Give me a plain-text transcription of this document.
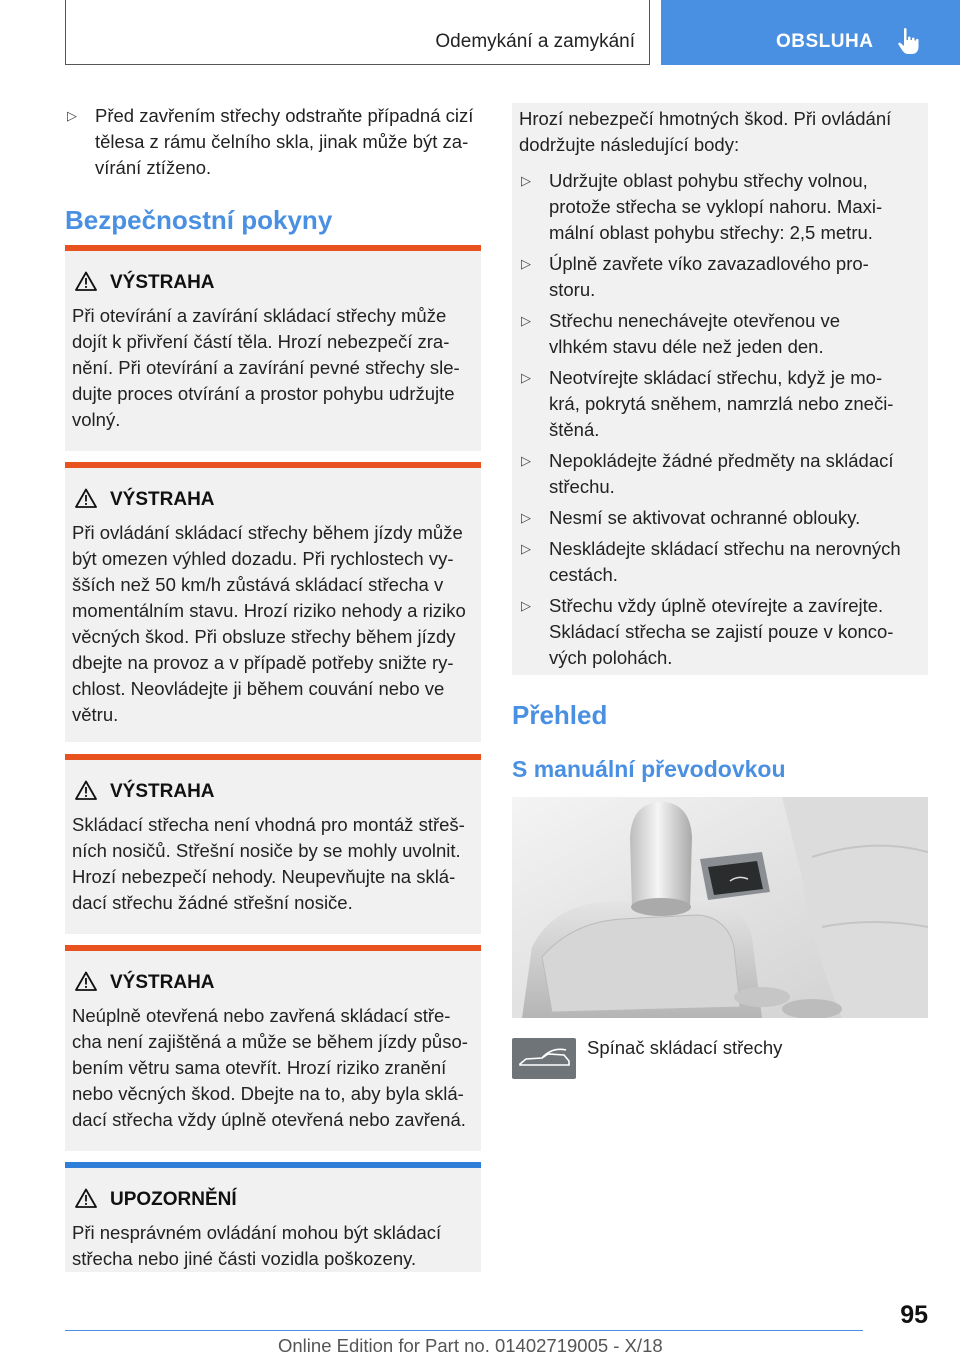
Odemykání a zamykání	OBSLUHA
▷ Před zavřením střechy odstraňte případná cizí tělesa z rámu čelního skla, jinak může být za-vírání ztíženo.
Bezpečnostní pokyny
VÝSTRAHA
Při otevírání a zavírání skládací střechy může
dojít k přivření částí těla. Hrozí nebezpečí zra-
nění. Při otevírání a zavírání pevné střechy sle-
dujte proces otvírání a prostor pohybu udržujte
volný.
VÝSTRAHA
Při ovládání skládací střechy během jízdy může
být omezen výhled dozadu. Při rychlostech vy-
šších než 50 km/h zůstává skládací střecha v
momentálním stavu. Hrozí riziko nehody a riziko
věcných škod. Při obsluze střechy během jízdy
dbejte na provoz a v případě potřeby snižte ry-
chlost. Neovládejte ji během couvání nebo ve
větru.
VÝSTRAHA
Skládací střecha není vhodná pro montáž střeš-
ních nosičů. Střešní nosiče by se mohly uvolnit.
Hrozí nebezpečí nehody. Neupevňujte na sklá-
dací střechu žádné střešní nosiče.
VÝSTRAHA
Neúplně otevřená nebo zavřená skládací stře-
cha není zajištěná a může se během jízdy půso-
bením větru sama otevřít. Hrozí riziko zranění
nebo věcných škod. Dbejte na to, aby byla sklá-
dací střecha vždy úplně otevřená nebo zavřená.
UPOZORNĚNÍ
Při nesprávném ovládání mohou být skládací
střecha nebo jiné části vozidla poškozeny.
Hrozí nebezpečí hmotných škod. Při ovládání
dodržujte následující body:
▷ Udržujte oblast pohybu střechy volnou,
protože střecha se vyklopí nahoru. Maxi-
mální oblast pohybu střechy: 2,5 metru.
▷ Úplně zavřete víko zavazadlového pro-
storu.
▷ Střechu nenechávejte otevřenou ve
vlhkém stavu déle než jeden den.
▷ Neotvírejte skládací střechu, když je mo-
krá, pokrytá sněhem, namrzlá nebo zneči-
štěná.
▷ Nepokládejte žádné předměty na skládací
střechu.
▷ Nesmí se aktivovat ochranné oblouky.
▷ Neskládejte skládací střechu na nerovných
cestách.
▷ Střechu vždy úplně otevírejte a zavírejte.
Skládací střecha se zajistí pouze v konco-
vých polohách.
Přehled
S manuální převodovkou
Spínač skládací střechy
95
Online Edition for Part no. 01402719005 - X/18
